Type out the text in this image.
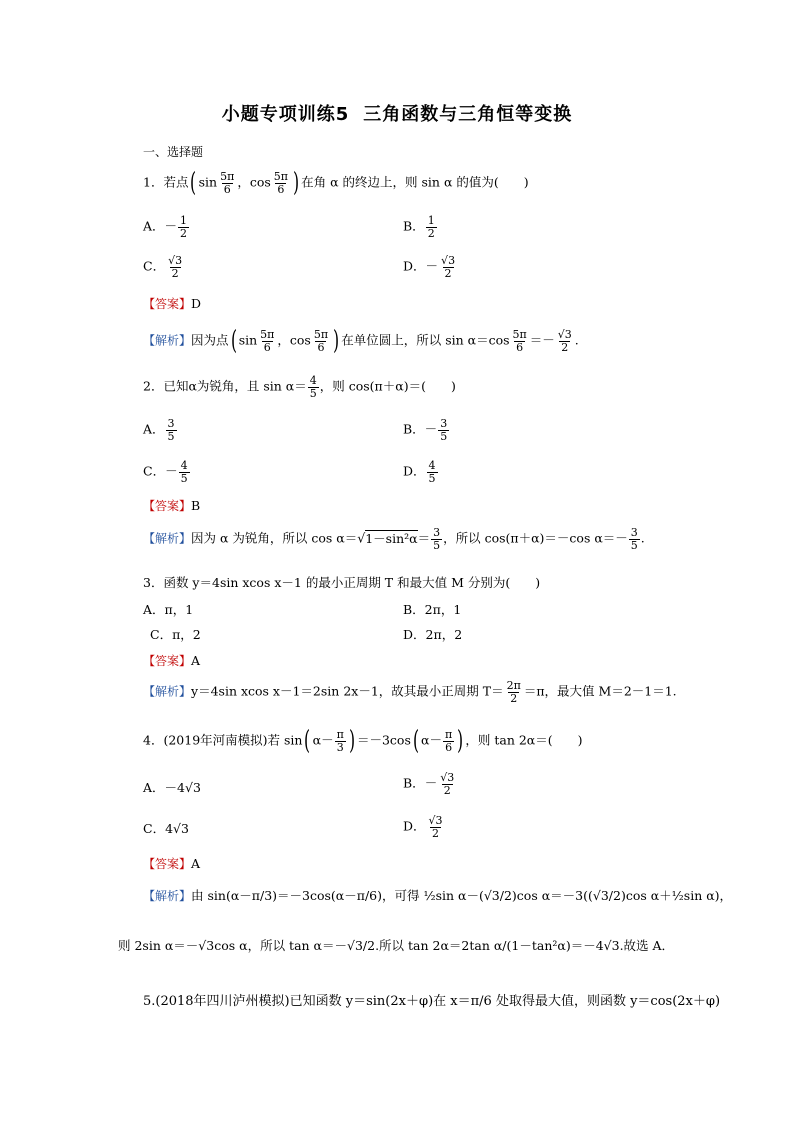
小题专项训练5 三角函数与三角恒等变换
一、选择题
1．若点( $\sin \frac{5\pi}{6}$ ，$\cos \frac{5\pi}{6}$ ) 在角 α 的终边上，则 sin α 的值为(　　)
A．－ $\frac{1}{2}$	B． $\frac{1}{2}$
C． $\frac{√3}{2}$	D．－ $\frac{√3}{2}$
【答案】D
【解析】因为点( $\sin \frac{5\pi}{6}$ ，$\cos \frac{5\pi}{6}$ ) 在单位圆上，所以 $\sin \alpha=\cos \frac{5\pi}{6} =- \frac{√3}{2}$ .
2．已知α为锐角，且 $\sin \alpha= \frac{4}{5}$ ，则 cos(π＋α)＝(　　)
A． $\frac{3}{5}$	B．－ $\frac{3}{5}$
C．－ $\frac{4}{5}$	D． $\frac{4}{5}$
【答案】B
【解析】因为 α 为锐角，所以 $\cos \alpha=√1-\sin^2\alpha= \frac{3}{5}$ ，所以 cos(π＋α)＝－cos $\alpha=- \frac{3}{5}$ .
3．函数 y＝4sin xcos x－1 的最小正周期 T 和最大值 M 分别为(　　)
A．π，1	B．2π，1
C．π，2	D．2π，2
【答案】A
【解析】y＝4sin xcos x－1＝2sin 2x－1，故其最小正周期 $T= \frac{2\pi}{2} =\pi$，最大值 M＝2－1＝1.
4．(2019年河南模拟)若 sin( $\alpha- \frac{\pi}{3}$ ) ＝－3cos( $\alpha- \frac{\pi}{6}$ ) ，则 tan 2α＝(　　)
A．－4√3	B．－ $\frac{√3}{2}$
C．4√3	D． $\frac{√3}{2}$
【答案】A
【解析】由 sin(α－π/3)＝－3cos(α－π/6)，可得 ½sin α－(√3/2)cos α＝－3((√3/2)cos α＋½sin α)，
则 2sin α＝－√3cos α，所以 tan α＝－√3/2.所以 tan 2α＝2tan α/(1－tan²α)＝－4√3.故选 A．
5.(2018年四川泸州模拟)已知函数 y＝sin(2x＋φ)在 x＝π/6 处取得最大值，则函数 y＝cos(2x＋φ)
